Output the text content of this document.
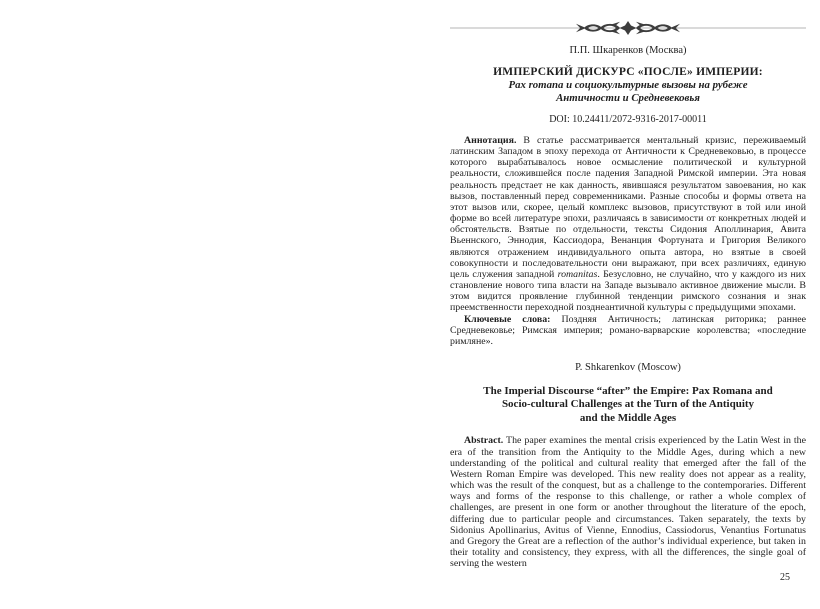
П.П. Шкаренков (Москва)
ИМПЕРСКИЙ ДИСКУРС «ПОСЛЕ» ИМПЕРИИ:
Pax romana и социокультурные вызовы на рубеже
Античности и Средневековья
DOI: 10.24411/2072-9316-2017-00011

Аннотация. В статье рассматривается ментальный кризис, переживаемый латинским Западом в эпоху перехода от Античности к Средневековью, в процессе которого вырабатывалось новое осмысление политической и культурной реальности, сложившейся после падения Западной Римской империи. Эта новая реальность предстает не как данность, явившаяся результатом завоевания, но как вызов, поставленный перед современниками. Разные способы и формы ответа на этот вызов или, скорее, целый комплекс вызовов, присутствуют в той или иной форме во всей литературе эпохи, различаясь в зависимости от конкретных людей и обстоятельств. Взятые по отдельности, тексты Сидония Аполлинария, Авита Вьеннского, Эннодия, Кассиодора, Венанция Фортуната и Григория Великого являются отражением индивидуального опыта автора, но взятые в своей совокупности и последовательности они выражают, при всех различиях, единую цель служения западной romanitas. Безусловно, не случайно, что у каждого из них становление нового типа власти на Западе вызывало активное движение мысли. В этом видится проявление глубинной тенденции римского сознания и знак преемственности переходной позднеантичной культуры с предыдущими эпохами.

Ключевые слова: Поздняя Античность; латинская риторика; раннее Средневековье; Римская империя; романо-варварские королевства; «последние римляне».

P. Shkarenkov (Moscow)
The Imperial Discourse “after” the Empire: Pax Romana and
Socio-cultural Challenges at the Turn of the Antiquity
and the Middle Ages

Abstract. The paper examines the mental crisis experienced by the Latin West in the era of the transition from the Antiquity to the Middle Ages, during which a new understanding of the political and cultural reality that emerged after the fall of the Western Roman Empire was developed. This new reality does not appear as a reality, which was the result of the conquest, but as a challenge to the contemporaries. Different ways and forms of the response to this challenge, or rather a whole complex of challenges, are present in one form or another throughout the literature of the epoch, differing due to particular people and circumstances. Taken separately, the texts by Sidonius Apollinarius, Avitus of Vienne, Ennodius, Cassiodorus, Venantius Fortunatus and Gregory the Great are a reflection of the author’s individual experience, but taken in their totality and consistency, they express, with all the differences, the single goal of serving the western

25
